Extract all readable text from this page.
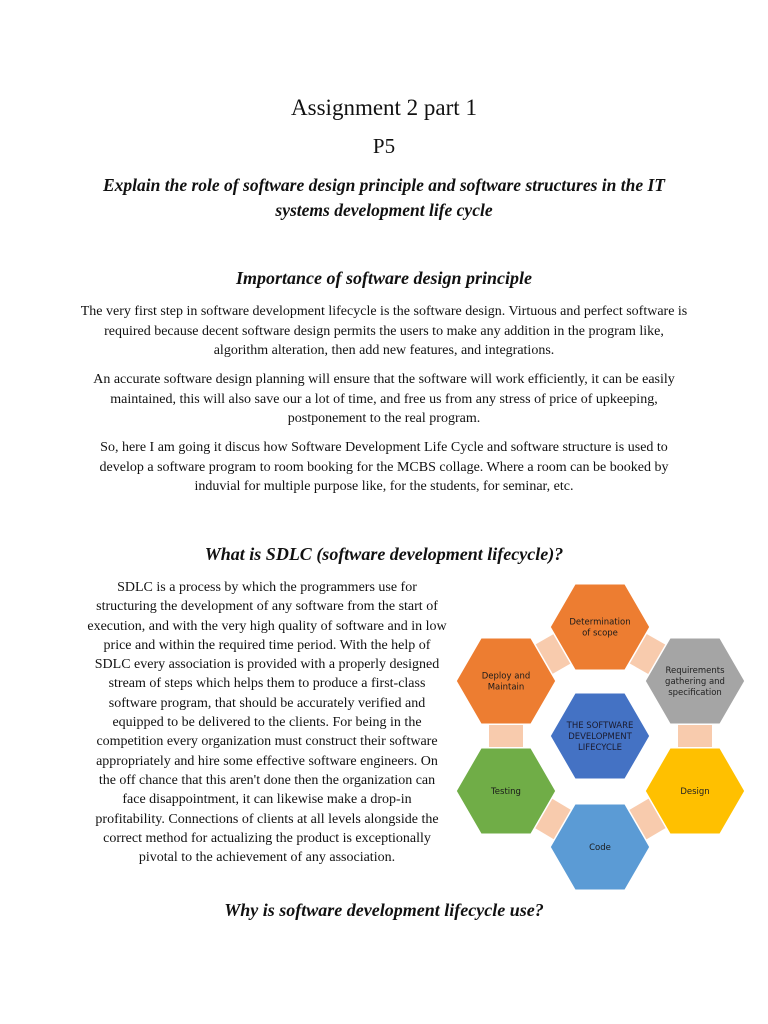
Assignment 2 part 1
P5
Explain the role of software design principle and software structures in the IT systems development life cycle
Importance of software design principle

The very first step in software development lifecycle is the software design. Virtuous and perfect software is required because decent software design permits the users to make any addition in the program like, algorithm alteration, then add new features, and integrations.

An accurate software design planning will ensure that the software will work efficiently, it can be easily maintained, this will also save our a lot of time, and free us from any stress of price of upkeeping, postponement to the real program.

So, here I am going it discus how Software Development Life Cycle and software structure is used to develop a software program to room booking for the MCBS collage. Where a room can be booked by induvial for multiple purpose like, for the students, for seminar, etc.

What is SDLC (software development lifecycle)?

SDLC is a process by which the programmers use for structuring the development of any software from the start of execution, and with the very high quality of software and in low price and within the required time period. With the help of SDLC every association is provided with a properly designed stream of steps which helps them to produce a first-class software program, that should be accurately verified and equipped to be delivered to the clients. For being in the competition every organization must construct their software appropriately and hire some effective software engineers. On the off chance that this aren't done then the organization can face disappointment, it can likewise make a drop-in profitability. Connections of clients at all levels alongside the correct method for actualizing the product is exceptionally pivotal to the achievement of any association.

Determination of scope
Requirements gathering and specification
Design
Code
Testing
Deploy and Maintain
THE SOFTWARE DEVELOPMENT LIFECYCLE
Why is software development lifecycle use?
